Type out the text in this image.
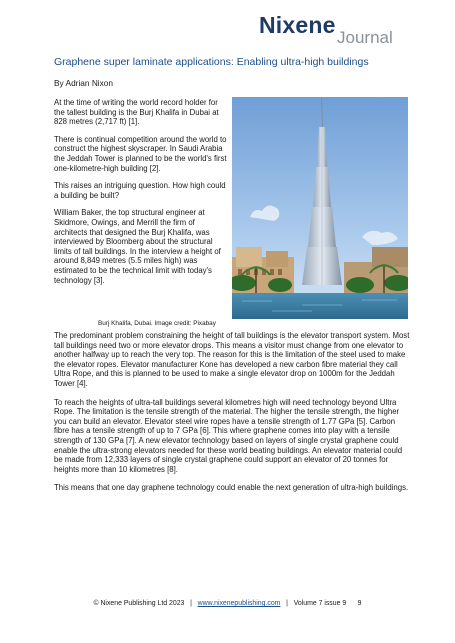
Nixene Journal
Graphene super laminate applications: Enabling ultra-high buildings
By Adrian Nixon

At the time of writing the world record holder for the tallest building is the Burj Khalifa in Dubai at 828 metres (2,717 ft) [1].

There is continual competition around the world to construct the highest skyscraper. In Saudi Arabia the Jeddah Tower is planned to be the world's first one-kilometre-high building [2].

This raises an intriguing question. How high could a building be built?

William Baker, the top structural engineer at Skidmore, Owings, and Merrill the firm of architects that designed the Burj Khalifa, was interviewed by Bloomberg about the structural limits of tall buildings. In the interview a height of around 8,849 metres (5.5 miles high) was estimated to be the technical limit with today's technology [3].

Burj Khalifa, Dubai. Image credit: Pixabay

The predominant problem constraining the height of tall buildings is the elevator transport system. Most tall buildings need two or more elevator drops. This means a visitor must change from one elevator to another halfway up to reach the very top. The reason for this is the limitation of the steel used to make the elevator ropes. Elevator manufacturer Kone has developed a new carbon fibre material they call Ultra Rope, and this is planned to be used to make a single elevator drop on 1000m for the Jeddah Tower [4].

To reach the heights of ultra-tall buildings several kilometres high will need technology beyond Ultra Rope. The limitation is the tensile strength of the material. The higher the tensile strength, the higher you can build an elevator. Elevator steel wire ropes have a tensile strength of 1.77 GPa [5]. Carbon fibre has a tensile strength of up to 7 GPa [6]. This where graphene comes into play with a tensile strength of 130 GPa [7]. A new elevator technology based on layers of single crystal graphene could enable the ultra-strong elevators needed for these world beating buildings. An elevator material could be made from 12,333 layers of single crystal graphene could support an elevator of 20 tonnes for heights more than 10 kilometres [8].

This means that one day graphene technology could enable the next generation of ultra-high buildings.

© Nixene Publishing Ltd 2023 | www.nixenepublishing.com | Volume 7 issue 9 9
